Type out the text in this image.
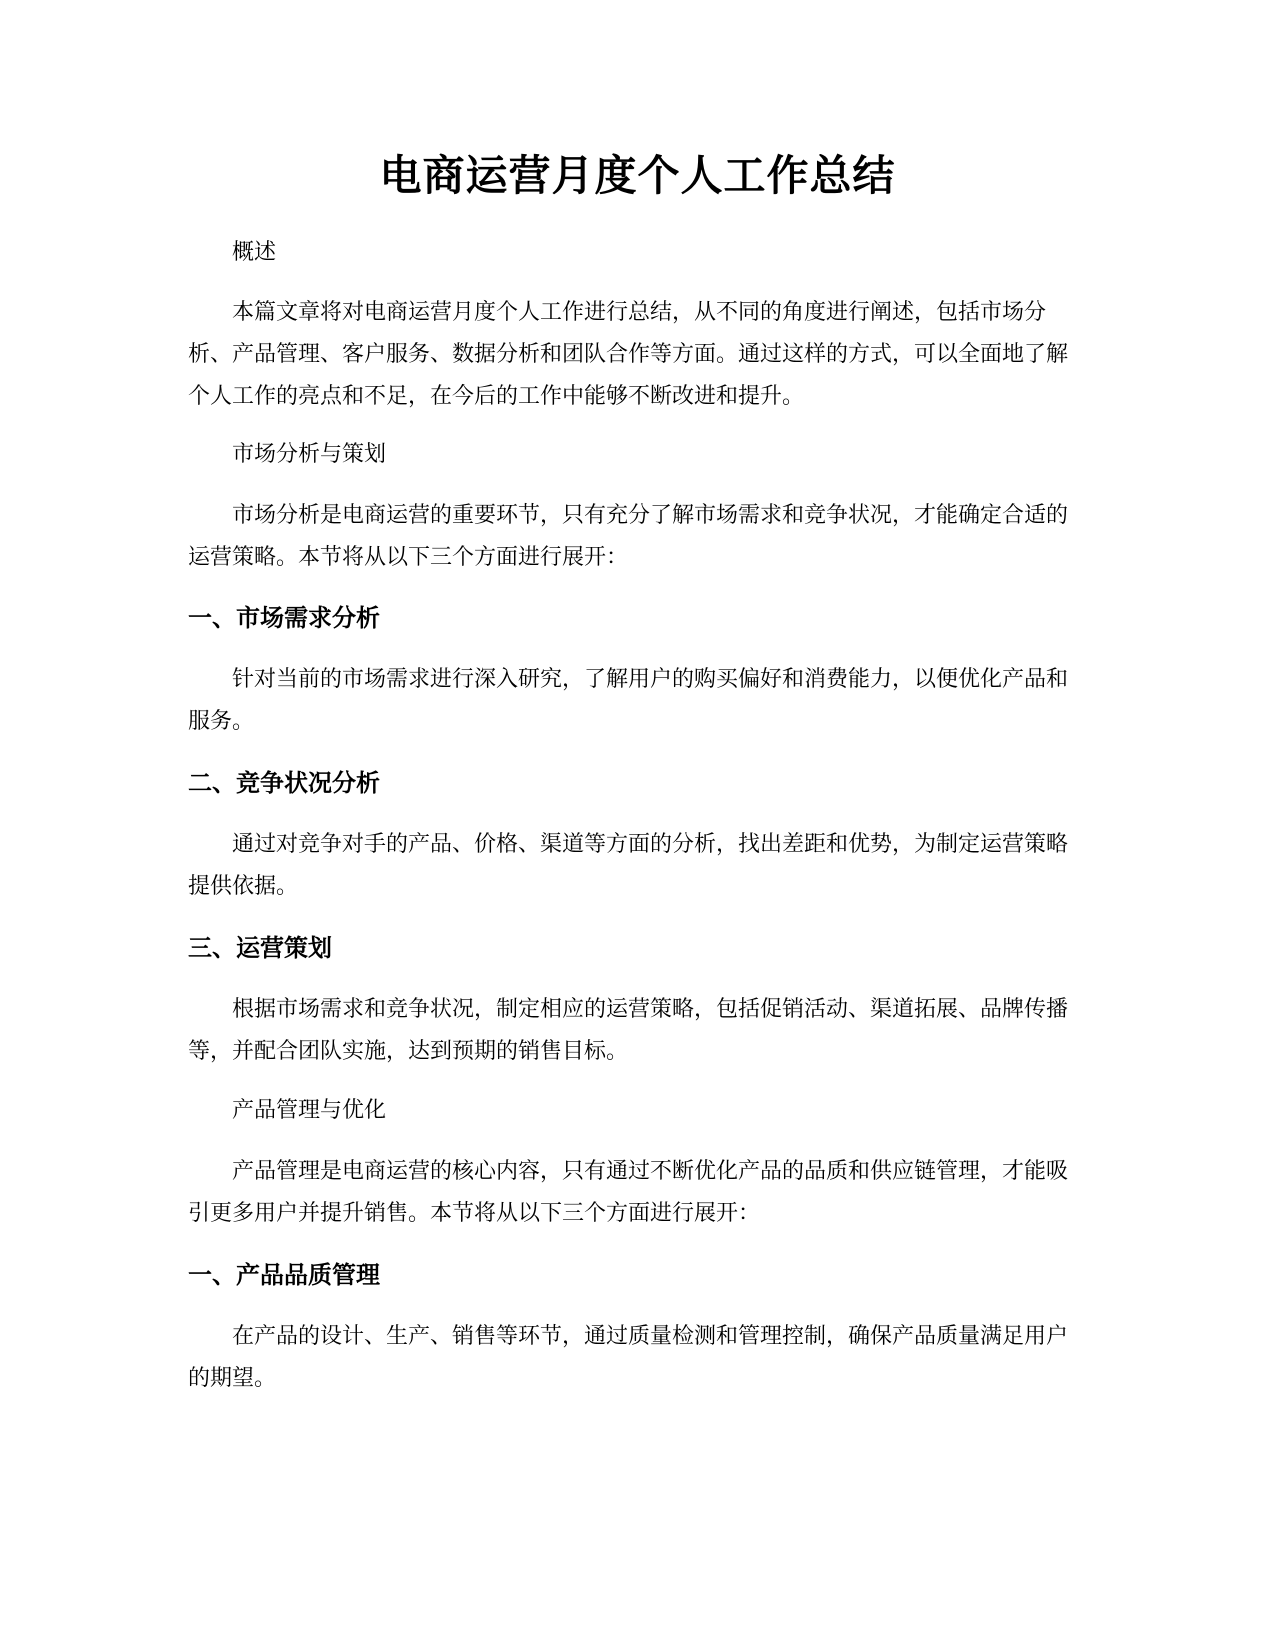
电商运营月度个人工作总结

概述

本篇文章将对电商运营月度个人工作进行总结，从不同的角度进行阐述，包括市场分析、产品管理、客户服务、数据分析和团队合作等方面。通过这样的方式，可以全面地了解个人工作的亮点和不足，在今后的工作中能够不断改进和提升。

市场分析与策划

市场分析是电商运营的重要环节，只有充分了解市场需求和竞争状况，才能确定合适的运营策略。本节将从以下三个方面进行展开：

一、市场需求分析

针对当前的市场需求进行深入研究，了解用户的购买偏好和消费能力，以便优化产品和服务。

二、竞争状况分析

通过对竞争对手的产品、价格、渠道等方面的分析，找出差距和优势，为制定运营策略提供依据。

三、运营策划

根据市场需求和竞争状况，制定相应的运营策略，包括促销活动、渠道拓展、品牌传播等，并配合团队实施，达到预期的销售目标。

产品管理与优化

产品管理是电商运营的核心内容，只有通过不断优化产品的品质和供应链管理，才能吸引更多用户并提升销售。本节将从以下三个方面进行展开：

一、产品品质管理

在产品的设计、生产、销售等环节，通过质量检测和管理控制，确保产品质量满足用户的期望。
